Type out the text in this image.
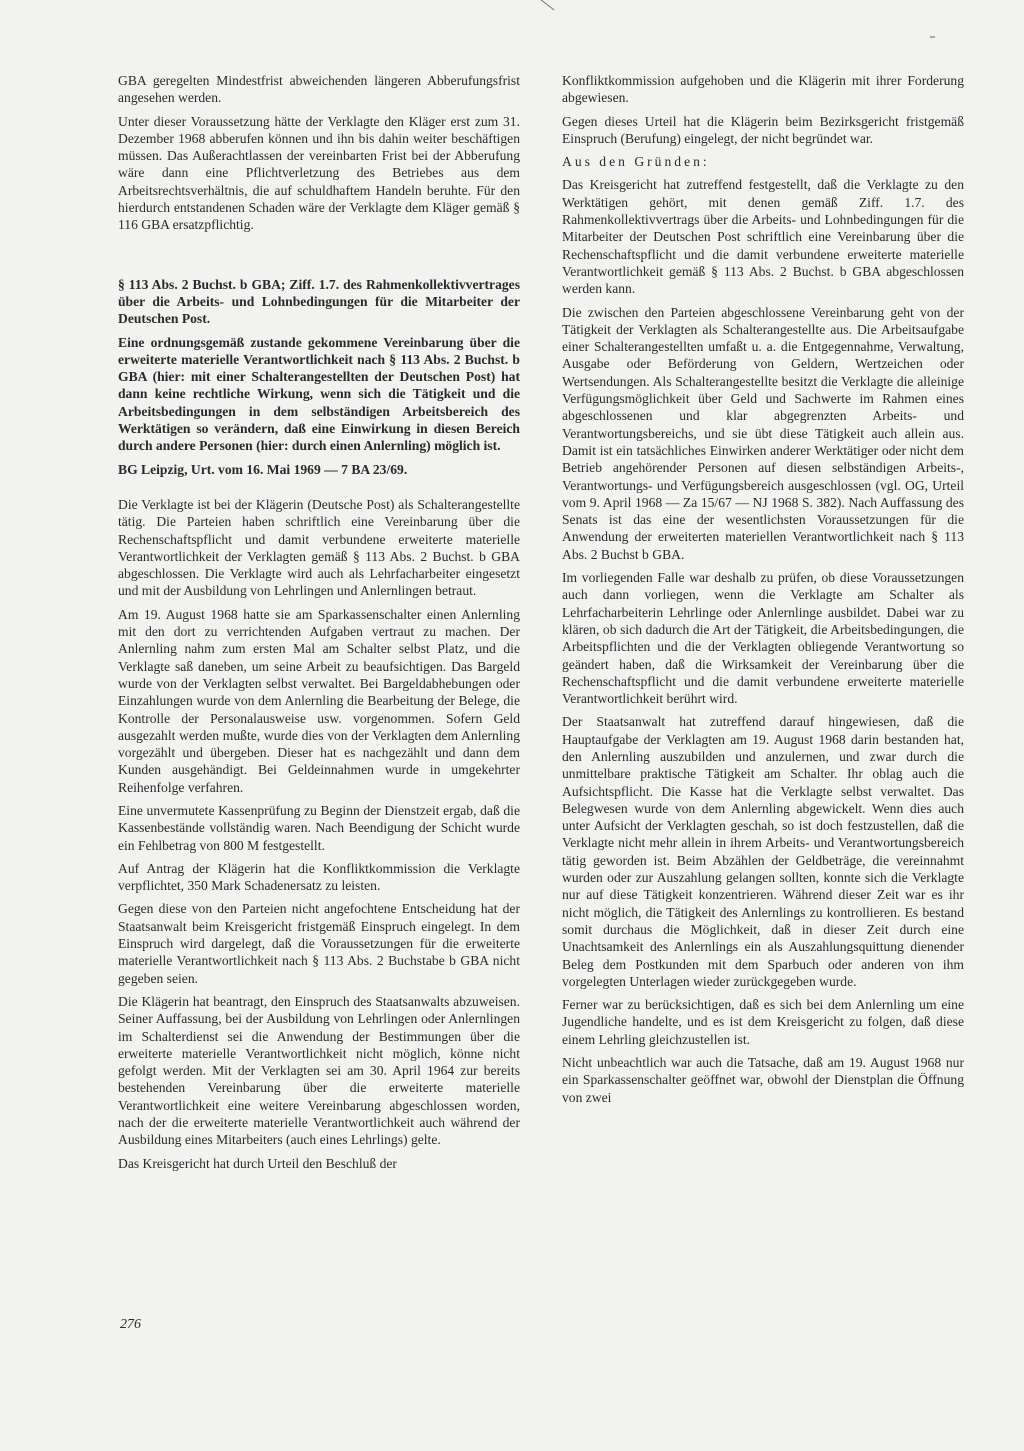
GBA geregelten Mindestfrist abweichenden längeren Abberufungsfrist angesehen werden.

Unter dieser Voraussetzung hätte der Verklagte den Kläger erst zum 31. Dezember 1968 abberufen können und ihn bis dahin weiter beschäftigen müssen. Das Außerachtlassen der vereinbarten Frist bei der Abberufung wäre dann eine Pflichtverletzung des Betriebes aus dem Arbeitsrechtsverhältnis, die auf schuldhaftem Handeln beruhte. Für den hierdurch entstandenen Schaden wäre der Verklagte dem Kläger gemäß § 116 GBA ersatzpflichtig.

§ 113 Abs. 2 Buchst. b GBA; Ziff. 1.7. des Rahmenkollektivvertrages über die Arbeits- und Lohnbedingungen für die Mitarbeiter der Deutschen Post.

Eine ordnungsgemäß zustande gekommene Vereinbarung über die erweiterte materielle Verantwortlichkeit nach § 113 Abs. 2 Buchst. b GBA (hier: mit einer Schalterangestellten der Deutschen Post) hat dann keine rechtliche Wirkung, wenn sich die Tätigkeit und die Arbeitsbedingungen in dem selbständigen Arbeitsbereich des Werktätigen so verändern, daß eine Einwirkung in diesen Bereich durch andere Personen (hier: durch einen Anlernling) möglich ist.

BG Leipzig, Urt. vom 16. Mai 1969 — 7 BA 23/69.

Die Verklagte ist bei der Klägerin (Deutsche Post) als Schalterangestellte tätig. Die Parteien haben schriftlich eine Vereinbarung über die Rechenschaftspflicht und damit verbundene erweiterte materielle Verantwortlichkeit der Verklagten gemäß § 113 Abs. 2 Buchst. b GBA abgeschlossen. Die Verklagte wird auch als Lehrfacharbeiter eingesetzt und mit der Ausbildung von Lehrlingen und Anlernlingen betraut.

Am 19. August 1968 hatte sie am Sparkassenschalter einen Anlernling mit den dort zu verrichtenden Aufgaben vertraut zu machen. Der Anlernling nahm zum ersten Mal am Schalter selbst Platz, und die Verklagte saß daneben, um seine Arbeit zu beaufsichtigen. Das Bargeld wurde von der Verklagten selbst verwaltet. Bei Bargeldabhebungen oder Einzahlungen wurde von dem Anlernling die Bearbeitung der Belege, die Kontrolle der Personalausweise usw. vorgenommen. Sofern Geld ausgezahlt werden mußte, wurde dies von der Verklagten dem Anlernling vorgezählt und übergeben. Dieser hat es nachgezählt und dann dem Kunden ausgehändigt. Bei Geldeinnahmen wurde in umgekehrter Reihenfolge verfahren.

Eine unvermutete Kassenprüfung zu Beginn der Dienstzeit ergab, daß die Kassenbestände vollständig waren. Nach Beendigung der Schicht wurde ein Fehlbetrag von 800 M festgestellt.

Auf Antrag der Klägerin hat die Konfliktkommission die Verklagte verpflichtet, 350 Mark Schadenersatz zu leisten.

Gegen diese von den Parteien nicht angefochtene Entscheidung hat der Staatsanwalt beim Kreisgericht fristgemäß Einspruch eingelegt. In dem Einspruch wird dargelegt, daß die Voraussetzungen für die erweiterte materielle Verantwortlichkeit nach § 113 Abs. 2 Buchstabe b GBA nicht gegeben seien.

Die Klägerin hat beantragt, den Einspruch des Staatsanwalts abzuweisen. Seiner Auffassung, bei der Ausbildung von Lehrlingen oder Anlernlingen im Schalterdienst sei die Anwendung der Bestimmungen über die erweiterte materielle Verantwortlichkeit nicht möglich, könne nicht gefolgt werden. Mit der Verklagten sei am 30. April 1964 zur bereits bestehenden Vereinbarung über die erweiterte materielle Verantwortlichkeit eine weitere Vereinbarung abgeschlossen worden, nach der die erweiterte materielle Verantwortlichkeit auch während der Ausbildung eines Mitarbeiters (auch eines Lehrlings) gelte.

Das Kreisgericht hat durch Urteil den Beschluß der

Konfliktkommission aufgehoben und die Klägerin mit ihrer Forderung abgewiesen.

Gegen dieses Urteil hat die Klägerin beim Bezirksgericht fristgemäß Einspruch (Berufung) eingelegt, der nicht begründet war.

Aus den Gründen:

Das Kreisgericht hat zutreffend festgestellt, daß die Verklagte zu den Werktätigen gehört, mit denen gemäß Ziff. 1.7. des Rahmenkollektivvertrags über die Arbeits- und Lohnbedingungen für die Mitarbeiter der Deutschen Post schriftlich eine Vereinbarung über die Rechenschaftspflicht und die damit verbundene erweiterte materielle Verantwortlichkeit gemäß § 113 Abs. 2 Buchst. b GBA abgeschlossen werden kann.

Die zwischen den Parteien abgeschlossene Vereinbarung geht von der Tätigkeit der Verklagten als Schalterangestellte aus. Die Arbeitsaufgabe einer Schalterangestellten umfaßt u. a. die Entgegennahme, Verwaltung, Ausgabe oder Beförderung von Geldern, Wertzeichen oder Wertsendungen. Als Schalterangestellte besitzt die Verklagte die alleinige Verfügungsmöglichkeit über Geld und Sachwerte im Rahmen eines abgeschlossenen und klar abgegrenzten Arbeits- und Verantwortungsbereichs, und sie übt diese Tätigkeit auch allein aus. Damit ist ein tatsächliches Einwirken anderer Werktätiger oder nicht dem Betrieb angehörender Personen auf diesen selbständigen Arbeits-, Verantwortungs- und Verfügungsbereich ausgeschlossen (vgl. OG, Urteil vom 9. April 1968 — Za 15/67 — NJ 1968 S. 382). Nach Auffassung des Senats ist das eine der wesentlichsten Voraussetzungen für die Anwendung der erweiterten materiellen Verantwortlichkeit nach § 113 Abs. 2 Buchst b GBA.

Im vorliegenden Falle war deshalb zu prüfen, ob diese Voraussetzungen auch dann vorliegen, wenn die Verklagte am Schalter als Lehrfacharbeiterin Lehrlinge oder Anlernlinge ausbildet. Dabei war zu klären, ob sich dadurch die Art der Tätigkeit, die Arbeitsbedingungen, die Arbeitspflichten und die der Verklagten obliegende Verantwortung so geändert haben, daß die Wirksamkeit der Vereinbarung über die Rechenschaftspflicht und die damit verbundene erweiterte materielle Verantwortlichkeit berührt wird.

Der Staatsanwalt hat zutreffend darauf hingewiesen, daß die Hauptaufgabe der Verklagten am 19. August 1968 darin bestanden hat, den Anlernling auszubilden und anzulernen, und zwar durch die unmittelbare praktische Tätigkeit am Schalter. Ihr oblag auch die Aufsichtspflicht. Die Kasse hat die Verklagte selbst verwaltet. Das Belegwesen wurde von dem Anlernling abgewickelt. Wenn dies auch unter Aufsicht der Verklagten geschah, so ist doch festzustellen, daß die Verklagte nicht mehr allein in ihrem Arbeits- und Verantwortungsbereich tätig geworden ist. Beim Abzählen der Geldbeträge, die vereinnahmt wurden oder zur Auszahlung gelangen sollten, konnte sich die Verklagte nur auf diese Tätigkeit konzentrieren. Während dieser Zeit war es ihr nicht möglich, die Tätigkeit des Anlernlings zu kontrollieren. Es bestand somit durchaus die Möglichkeit, daß in dieser Zeit durch eine Unachtsamkeit des Anlernlings ein als Auszahlungsquittung dienender Beleg dem Postkunden mit dem Sparbuch oder anderen von ihm vorgelegten Unterlagen wieder zurückgegeben wurde.

Ferner war zu berücksichtigen, daß es sich bei dem Anlernling um eine Jugendliche handelte, und es ist dem Kreisgericht zu folgen, daß diese einem Lehrling gleichzustellen ist.

Nicht unbeachtlich war auch die Tatsache, daß am 19. August 1968 nur ein Sparkassenschalter geöffnet war, obwohl der Dienstplan die Öffnung von zwei

276
